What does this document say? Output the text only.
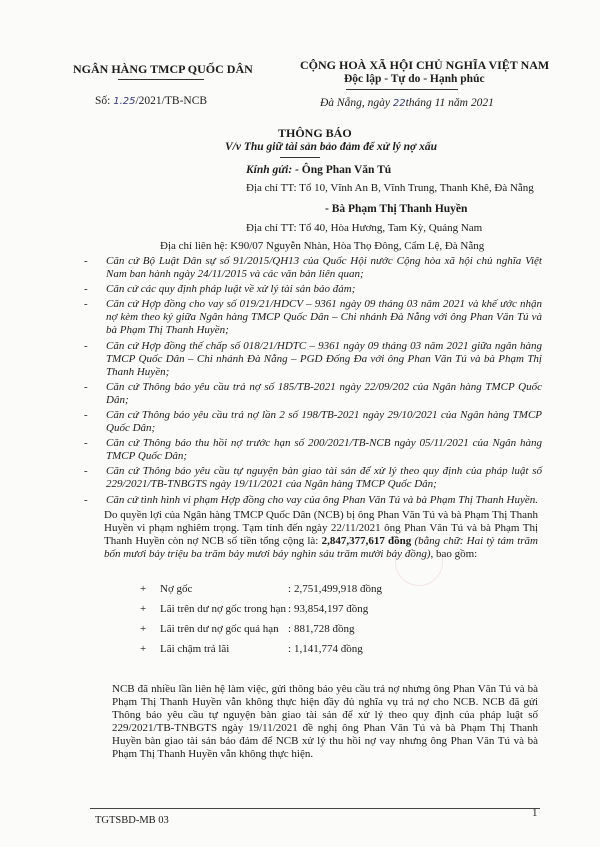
NGÂN HÀNG TMCP QUỐC DÂN	CỘNG HOÀ XÃ HỘI CHỦ NGHĨA VIỆT NAM
Độc lập - Tự do - Hạnh phúc
Số: 1.25/2021/TB-NCB	Đà Nẵng, ngày 22tháng 11 năm 2021
THÔNG BÁO
V/v Thu giữ tài sản bảo đảm để xử lý nợ xấu
Kính gửi: - Ông Phan Văn Tú
Địa chỉ TT: Tổ 10, Vĩnh An B, Vĩnh Trung, Thanh Khê, Đà Nẵng
- Bà Phạm Thị Thanh Huyền
Địa chỉ TT: Tổ 40, Hòa Hương, Tam Kỳ, Quảng Nam
Địa chỉ liên hệ: K90/07 Nguyễn Nhàn, Hòa Thọ Đông, Cẩm Lệ, Đà Nẵng
- Căn cứ Bộ Luật Dân sự số 91/2015/QH13 của Quốc Hội nước Cộng hòa xã hội chủ nghĩa Việt Nam ban hành ngày 24/11/2015 và các văn bản liên quan;
- Căn cứ các quy định pháp luật về xử lý tài sản bảo đảm;
- Căn cứ Hợp đồng cho vay số 019/21/HDCV – 9361 ngày 09 tháng 03 năm 2021 và khế ước nhận nợ kèm theo ký giữa Ngân hàng TMCP Quốc Dân – Chi nhánh Đà Nẵng với ông Phan Văn Tú và bà Phạm Thị Thanh Huyền;
- Căn cứ Hợp đồng thế chấp số 018/21/HDTC – 9361 ngày 09 tháng 03 năm 2021 giữa ngân hàng TMCP Quốc Dân – Chi nhánh Đà Nẵng – PGD Đống Đa với ông Phan Văn Tú và bà Phạm Thị Thanh Huyền;
- Căn cứ Thông báo yêu cầu trả nợ số 185/TB-2021 ngày 22/09/202 của Ngân hàng TMCP Quốc Dân;
- Căn cứ Thông báo yêu cầu trả nợ lần 2 số 198/TB-2021 ngày 29/10/2021 của Ngân hàng TMCP Quốc Dân;
- Căn cứ Thông báo thu hồi nợ trước hạn số 200/2021/TB-NCB ngày 05/11/2021 của Ngân hàng TMCP Quốc Dân;
- Căn cứ Thông báo yêu cầu tự nguyện bàn giao tài sản để xử lý theo quy định của pháp luật số 229/2021/TB-TNBGTS ngày 19/11/2021 của Ngân hàng TMCP Quốc Dân;
- Căn cứ tình hình vi phạm Hợp đồng cho vay của ông Phan Văn Tú và bà Phạm Thị Thanh Huyền.
Do quyền lợi của Ngân hàng TMCP Quốc Dân (NCB) bị ông Phan Văn Tú và bà Phạm Thị Thanh Huyền vi phạm nghiêm trọng. Tạm tính đến ngày 22/11/2021 ông Phan Văn Tú và bà Phạm Thị Thanh Huyền còn nợ NCB số tiền tổng cộng là: 2,847,377,617 đồng (bằng chữ: Hai tỷ tám trăm bốn mươi bảy triệu ba trăm bảy mươi bảy nghìn sáu trăm mười bảy đồng), bao gồm:
+	Nợ gốc	: 2,751,499,918 đồng
+	Lãi trên dư nợ gốc trong hạn : 93,854,197 đồng
+	Lãi trên dư nợ gốc quá hạn : 881,728 đồng
+	Lãi chậm trả lãi	: 1,141,774 đồng
NCB đã nhiều lần liên hệ làm việc, gửi thông báo yêu cầu trả nợ nhưng ông Phan Văn Tú và bà Phạm Thị Thanh Huyền vẫn không thực hiện đầy đủ nghĩa vụ trả nợ cho NCB. NCB đã gửi Thông báo yêu cầu tự nguyện bàn giao tài sản để xử lý theo quy định của pháp luật số 229/2021/TB-TNBGTS ngày 19/11/2021 đề nghị ông Phan Văn Tú và bà Phạm Thị Thanh Huyền bàn giao tài sản bảo đảm để NCB xử lý thu hồi nợ vay nhưng ông Phan Văn Tú và bà Phạm Thị Thanh Huyền vẫn không thực hiện.
TGTSBD-MB 03
1
